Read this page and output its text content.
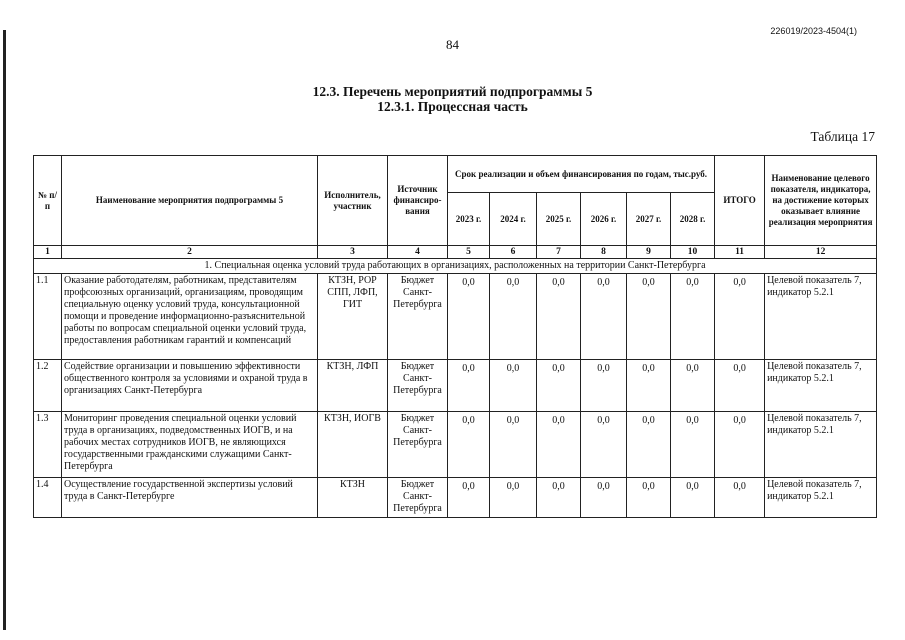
226019/2023-4504(1)
84
12.3. Перечень мероприятий подпрограммы 5
12.3.1. Процессная часть
Таблица 17
№ п/п	Наименование мероприятия подпрограммы 5	Исполнитель, участник	Источник финансиро-вания	Срок реализации и объем финансирования по годам, тыс.руб.						ИТОГО	Наименование целевого показателя, индикатора, на достижение которых оказывает влияние реализация мероприятия
				2023 г.	2024 г.	2025 г.	2026 г.	2027 г.	2028 г.		
1	2	3	4	5	6	7	8	9	10	11	12
1. Специальная оценка условий труда работающих в организациях, расположенных на территории Санкт-Петербурга											
1.1	Оказание работодателям, работникам, представителям профсоюзных организаций, организациям, проводящим специальную оценку условий труда, консультационной помощи и проведение информационно-разъяснительной работы по вопросам специальной оценки условий труда, предоставления работникам гарантий и компенсаций	КТЗН, РОР СПП, ЛФП, ГИТ	Бюджет Санкт-Петербурга	0,0	0,0	0,0	0,0	0,0	0,0	0,0	Целевой показатель 7, индикатор 5.2.1
1.2	Содействие организации и повышению эффективности общественного контроля за условиями и охраной труда в организациях Санкт-Петербурга	КТЗН, ЛФП	Бюджет Санкт-Петербурга	0,0	0,0	0,0	0,0	0,0	0,0	0,0	Целевой показатель 7, индикатор 5.2.1
1.3	Мониторинг проведения специальной оценки условий труда в организациях, подведомственных ИОГВ, и на рабочих местах сотрудников ИОГВ, не являющихся государственными гражданскими служащими Санкт-Петербурга	КТЗН, ИОГВ	Бюджет Санкт-Петербурга	0,0	0,0	0,0	0,0	0,0	0,0	0,0	Целевой показатель 7, индикатор 5.2.1
1.4	Осуществление государственной экспертизы условий труда в Санкт-Петербурге	КТЗН	Бюджет Санкт-Петербурга	0,0	0,0	0,0	0,0	0,0	0,0	0,0	Целевой показатель 7, индикатор 5.2.1
